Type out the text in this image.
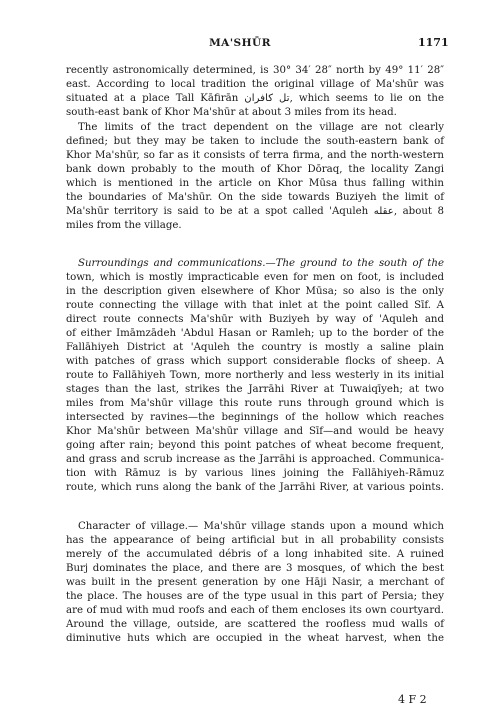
MA'SHŪR	1171
recently astronomically determined, is 30° 34′ 28″ north by 49° 11′ 28″
east. According to local tradition the original village of Ma'shūr was
situated at a place Tall Kāfirān تل كافران, which seems to lie on the
south-east bank of Khor Ma'shūr at about 3 miles from its head.
The limits of the tract dependent on the village are not clearly
defined; but they may be taken to include the south-eastern bank of
Khor Ma'shūr, so far as it consists of terra firma, and the north-western
bank down probably to the mouth of Khor Dōraq, the locality Zangi
which is mentioned in the article on Khor Mūsa thus falling within
the boundaries of Ma'shūr. On the side towards Buziyeh the limit of
Ma'shūr territory is said to be at a spot called 'Aquleh عقله, about 8
miles from the village.
Surroundings and communications.—The ground to the south of the
town, which is mostly impracticable even for men on foot, is included
in the description given elsewhere of Khor Mūsa; so also is the only
route connecting the village with that inlet at the point called Sīf. A
direct route connects Ma'shūr with Buziyeh by way of 'Aquleh and
of either Imāmzādeh 'Abdul Hasan or Ramleh; up to the border of the
Fallāhiyeh District at 'Aquleh the country is mostly a saline plain
with patches of grass which support considerable flocks of sheep. A
route to Fallāhiyeh Town, more northerly and less westerly in its initial
stages than the last, strikes the Jarrāhi River at Tuwaiqīyeh; at two
miles from Ma'shūr village this route runs through ground which is
intersected by ravines—the beginnings of the hollow which reaches
Khor Ma'shūr between Ma'shūr village and Sīf—and would be heavy
going after rain; beyond this point patches of wheat become frequent,
and grass and scrub increase as the Jarrāhi is approached. Communica-
tion with Rāmuz is by various lines joining the Fallāhiyeh-Rāmuz
route, which runs along the bank of the Jarrāhi River, at various points.
Character of village.— Ma'shūr village stands upon a mound which
has the appearance of being artificial but in all probability consists
merely of the accumulated débris of a long inhabited site. A ruined
Burj dominates the place, and there are 3 mosques, of which the best
was built in the present generation by one Hāji Nasir, a merchant of
the place. The houses are of the type usual in this part of Persia; they
are of mud with mud roofs and each of them encloses its own courtyard.
Around the village, outside, are scattered the roofless mud walls of
diminutive huts which are occupied in the wheat harvest, when the
4 F 2
